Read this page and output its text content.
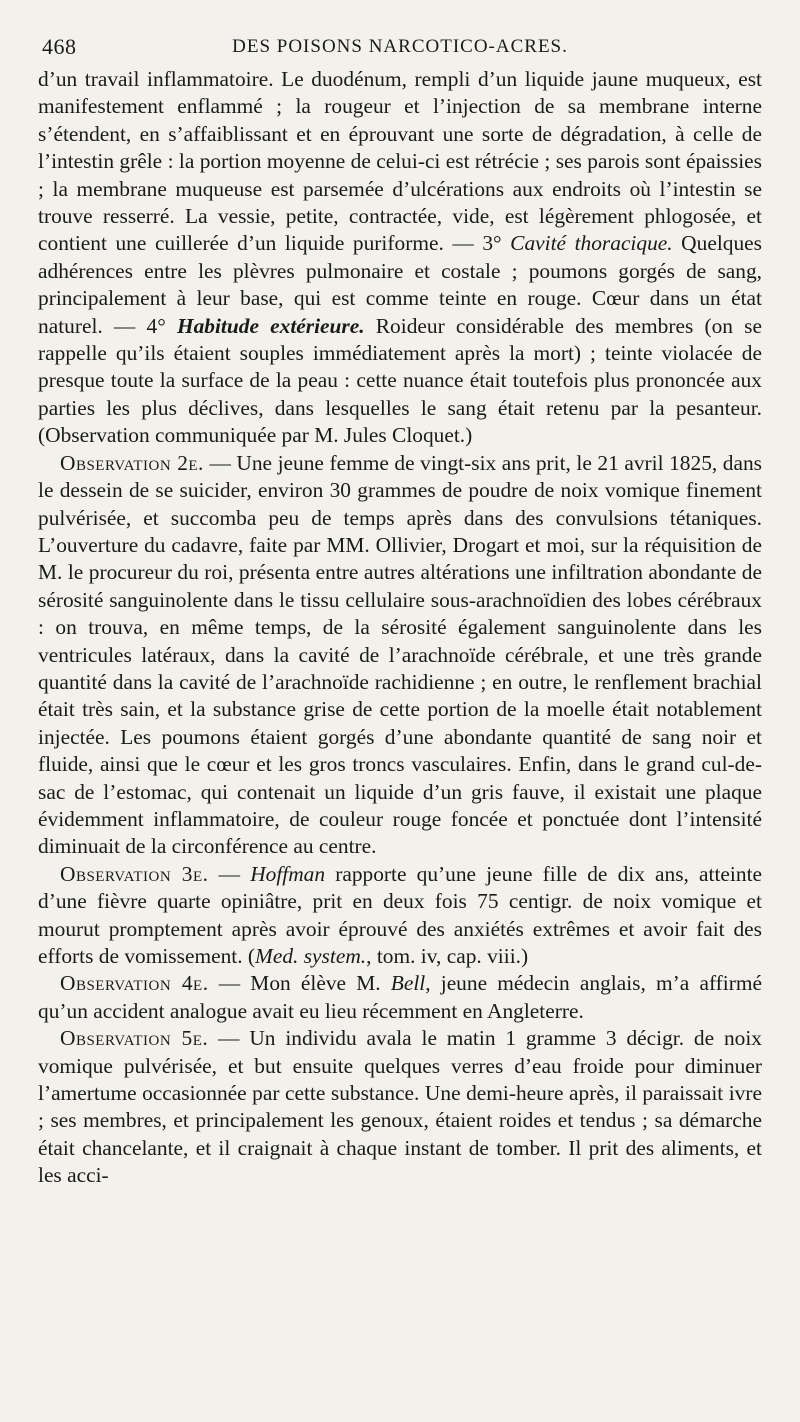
468	DES POISONS NARCOTICO-ACRES.

d’un travail inflammatoire. Le duodénum, rempli d’un liquide jaune muqueux, est manifestement enflammé ; la rougeur et l’injection de sa membrane interne s’étendent, en s’affaiblissant et en éprouvant une sorte de dégradation, à celle de l’intestin grêle : la portion moyenne de celui-ci est rétrécie ; ses parois sont épaissies ; la membrane muqueuse est parsemée d’ulcérations aux endroits où l’intestin se trouve resserré. La vessie, petite, contractée, vide, est légèrement phlogosée, et contient une cuillerée d’un liquide puriforme. — 3° Cavité thoracique. Quelques adhérences entre les plèvres pulmonaire et costale ; poumons gorgés de sang, principalement à leur base, qui est comme teinte en rouge. Cœur dans un état naturel. — 4° Habitude extérieure. Roideur considérable des membres (on se rappelle qu’ils étaient souples immédiatement après la mort) ; teinte violacée de presque toute la surface de la peau : cette nuance était toutefois plus prononcée aux parties les plus déclives, dans lesquelles le sang était retenu par la pesanteur. (Observation communiquée par M. Jules Cloquet.)

Observation 2e. — Une jeune femme de vingt-six ans prit, le 21 avril 1825, dans le dessein de se suicider, environ 30 grammes de poudre de noix vomique finement pulvérisée, et succomba peu de temps après dans des convulsions tétaniques. L’ouverture du cadavre, faite par MM. Ollivier, Drogart et moi, sur la réquisition de M. le procureur du roi, présenta entre autres altérations une infiltration abondante de sérosité sanguinolente dans le tissu cellulaire sous-arachnoïdien des lobes cérébraux : on trouva, en même temps, de la sérosité également sanguinolente dans les ventricules latéraux, dans la cavité de l’arachnoïde cérébrale, et une très grande quantité dans la cavité de l’arachnoïde rachidienne ; en outre, le renflement brachial était très sain, et la substance grise de cette portion de la moelle était notablement injectée. Les poumons étaient gorgés d’une abondante quantité de sang noir et fluide, ainsi que le cœur et les gros troncs vasculaires. Enfin, dans le grand cul-de-sac de l’estomac, qui contenait un liquide d’un gris fauve, il existait une plaque évidemment inflammatoire, de couleur rouge foncée et ponctuée dont l’intensité diminuait de la circonférence au centre.

Observation 3e. — Hoffman rapporte qu’une jeune fille de dix ans, atteinte d’une fièvre quarte opiniâtre, prit en deux fois 75 centigr. de noix vomique et mourut promptement après avoir éprouvé des anxiétés extrêmes et avoir fait des efforts de vomissement. (Med. system., tom. iv, cap. viii.)

Observation 4e. — Mon élève M. Bell, jeune médecin anglais, m’a affirmé qu’un accident analogue avait eu lieu récemment en Angleterre.

Observation 5e. — Un individu avala le matin 1 gramme 3 décigr. de noix vomique pulvérisée, et but ensuite quelques verres d’eau froide pour diminuer l’amertume occasionnée par cette substance. Une demi-heure après, il paraissait ivre ; ses membres, et principalement les genoux, étaient roides et tendus ; sa démarche était chancelante, et il craignait à chaque instant de tomber. Il prit des aliments, et les acci-
